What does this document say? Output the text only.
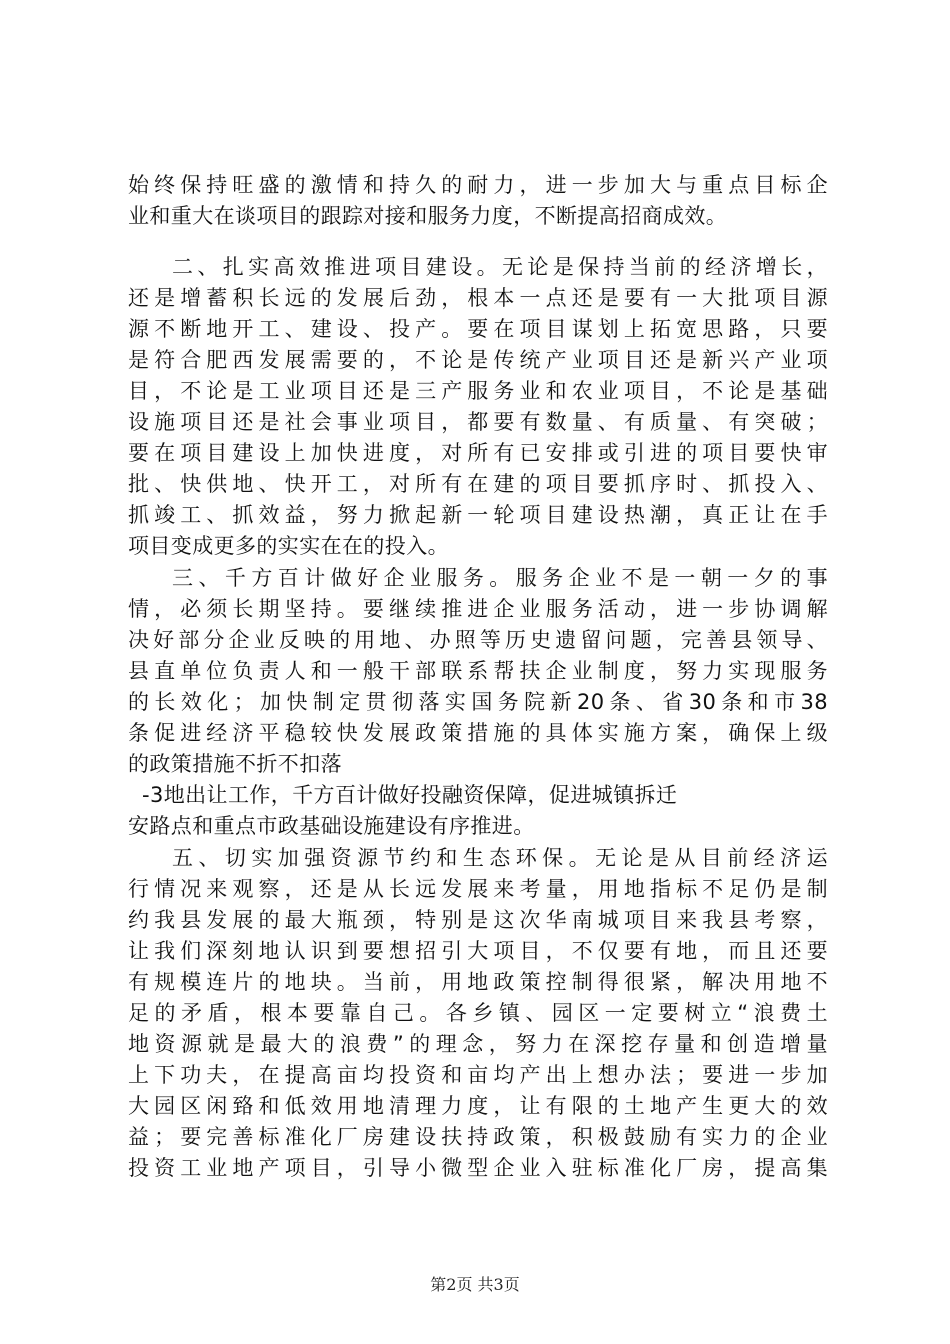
始终保持旺盛的激情和持久的耐力，进一步加大与重点目标企
业和重大在谈项目的跟踪对接和服务力度，不断提高招商成效。
二、扎实高效推进项目建设。无论是保持当前的经济增长，
还是增蓄积长远的发展后劲，根本一点还是要有一大批项目源
源不断地开工、建设、投产。要在项目谋划上拓宽思路，只要
是符合肥西发展需要的，不论是传统产业项目还是新兴产业项
目，不论是工业项目还是三产服务业和农业项目，不论是基础
设施项目还是社会事业项目，都要有数量、有质量、有突破；
要在项目建设上加快进度，对所有已安排或引进的项目要快审
批、快供地、快开工，对所有在建的项目要抓序时、抓投入、
抓竣工、抓效益，努力掀起新一轮项目建设热潮，真正让在手
项目变成更多的实实在在的投入。
三、千方百计做好企业服务。服务企业不是一朝一夕的事
情，必须长期坚持。要继续推进企业服务活动，进一步协调解
决好部分企业反映的用地、办照等历史遗留问题，完善县领导、
县直单位负责人和一般干部联系帮扶企业制度，努力实现服务
的长效化；加快制定贯彻落实国务院新20条、省30条和市38
条促进经济平稳较快发展政策措施的具体实施方案，确保上级
的政策措施不折不扣落
-3地出让工作，千方百计做好投融资保障，促进城镇拆迁
安路点和重点市政基础设施建设有序推进。
五、切实加强资源节约和生态环保。无论是从目前经济运
行情况来观察，还是从长远发展来考量，用地指标不足仍是制
约我县发展的最大瓶颈，特别是这次华南城项目来我县考察，
让我们深刻地认识到要想招引大项目，不仅要有地，而且还要
有规模连片的地块。当前，用地政策控制得很紧，解决用地不
足的矛盾，根本要靠自己。各乡镇、园区一定要树立“浪费土
地资源就是最大的浪费”的理念，努力在深挖存量和创造增量
上下功夫，在提高亩均投资和亩均产出上想办法；要进一步加
大园区闲臵和低效用地清理力度，让有限的土地产生更大的效
益；要完善标准化厂房建设扶持政策，积极鼓励有实力的企业
投资工业地产项目，引导小微型企业入驻标准化厂房，提高集
第2页 共3页
